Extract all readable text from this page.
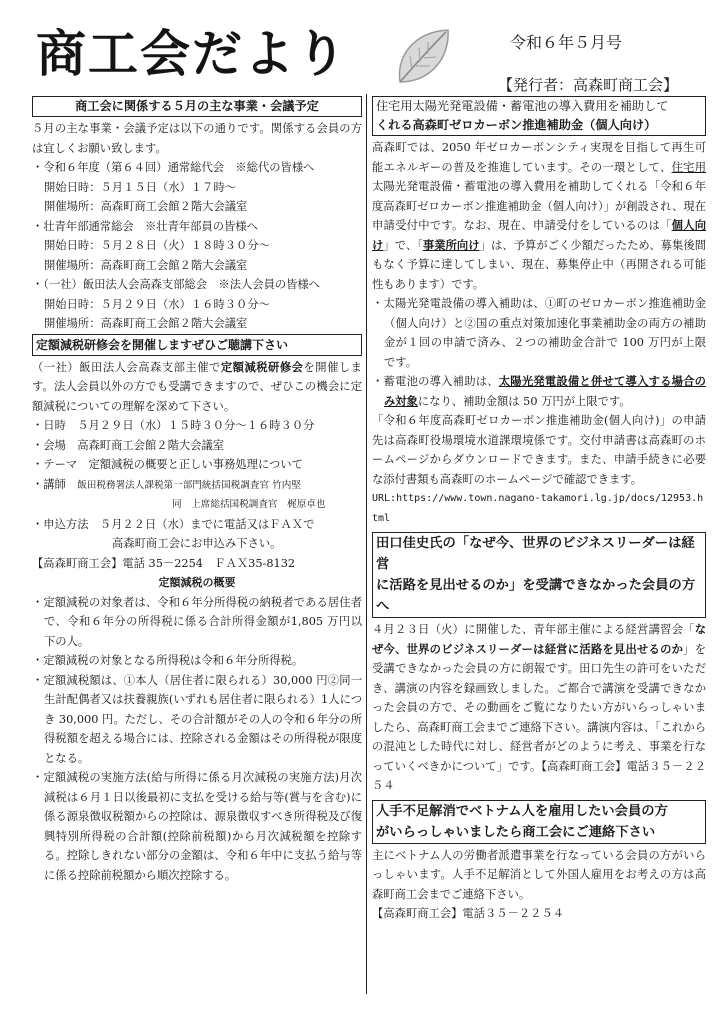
商工会だより	令和６年５月号
【発行者：高森町商工会】
商工会に関係する５月の主な事業・会議予定

５月の主な事業・会議予定は以下の通りです。関係する会員の方は宜しくお願い致します。

・令和６年度（第６４回）通常総代会　※総代の皆様へ

開始日時：５月１５日（水）１７時～

開催場所：高森町商工会館２階大会議室

・壮青年部通常総会　※壮青年部員の皆様へ

開始日時：５月２８日（火）１８時３０分～

開催場所：高森町商工会館２階大会議室

・（一社）飯田法人会高森支部総会　※法人会員の皆様へ

開始日時：５月２９日（水）１６時３０分～

開催場所：高森町商工会館２階大会議室

定額減税研修会を開催しますぜひご聴講下さい

（一社）飯田法人会高森支部主催で定額減税研修会を開催します。法人会員以外の方でも受講できますので、ぜひこの機会に定額減税についての理解を深めて下さい。

・日時　５月２９日（水）１５時３０分～１６時３０分

・会場　高森町商工会館２階大会議室

・テーマ　定額減税の概要と正しい事務処理について

・講師　 飯田税務署法人課税第一部門統括国税調査官 竹内堅

同　上席総括国税調査官　梶原卓也

・申込方法　５月２２日（水）までに電話又はＦＡＸで

高森町商工会にお申込み下さい。

【高森町商工会】電話 35－2254　ＦＡＸ35-8132

定額減税の概要

・定額減税の対象者は、令和６年分所得税の納税者である居住者で、令和６年分の所得税に係る合計所得金額が1,805 万円以下の人。

・定額減税の対象となる所得税は令和６年分所得税。

・定額減税額は、①本人（居住者に限られる）30,000 円②同一生計配偶者又は扶養親族(いずれも居住者に限られる）1人につき 30,000 円。ただし、その合計額がその人の令和６年分の所得税額を超える場合には、控除される金額はその所得税が限度となる。

・定額減税の実施方法(給与所得に係る月次減税の実施方法)月次減税は６月１日以後最初に支払を受ける給与等(賞与を含む)に係る源泉徴収税額からの控除は、源泉徴収すべき所得税及び復興特別所得税の合計額(控除前税額)から月次減税額を控除する。控除しきれない部分の金額は、令和６年中に支払う給与等に係る控除前税額から順次控除する。

住宅用太陽光発電設備・蓄電池の導入費用を補助して
くれる高森町ゼロカーボン推進補助金（個人向け）

高森町では、2050 年ゼロカーボンシティ実現を目指して再生可能エネルギーの普及を推進しています。その一環として、住宅用太陽光発電設備・蓄電池の導入費用を補助してくれる「令和６年度高森町ゼロカーボン推進補助金（個人向け）」が創設され、現在申請受付中です。なお、現在、申請受付をしているのは「個人向け」で、「事業所向け」は、予算がごく少額だったため、募集後間もなく予算に達してしまい、現在、募集停止中（再開される可能性もあります）です。

・太陽光発電設備の導入補助は、①町のゼロカーボン推進補助金（個人向け）と②国の重点対策加速化事業補助金の両方の補助金が１回の申請で済み、２つの補助金合計で 100 万円が上限です。

・蓄電池の導入補助は、太陽光発電設備と併せて導入する場合のみ対象になり、補助金額は 50 万円が上限です。

「令和６年度高森町ゼロカーボン推進補助金(個人向け)」の申請先は高森町役場環境水道課環境係です。交付申請書は高森町のホームページからダウンロードできます。また、申請手続きに必要な添付書類も高森町のホームページで確認できます。

URL:https://www.town.nagano-takamori.lg.jp/docs/12953.html

田口佳史氏の「なぜ今、世界のビジネスリーダーは経営
に活路を見出せるのか」を受講できなかった会員の方へ

４月２３日（火）に開催した、青年部主催による経営講習会「なぜ今、世界のビジネスリーダーは経営に活路を見出せるのか」を受講できなかった会員の方に朗報です。田口先生の許可をいただき、講演の内容を録画致しました。ご都合で講演を受講できなかった会員の方で、その動画をご覧になりたい方がいらっしゃいましたら、高森町商工会までご連絡下さい。講演内容は、「これからの混沌とした時代に対し、経営者がどのように考え、事業を行なっていくべきかについて」です。【高森町商工会】電話３５－２２５４

人手不足解消でベトナム人を雇用したい会員の方
がいらっしゃいましたら商工会にご連絡下さい

主にベトナム人の労働者派遣事業を行なっている会員の方がいらっしゃいます。人手不足解消として外国人雇用をお考えの方は高森町商工会までご連絡下さい。

【高森町商工会】電話３５－２２５４
